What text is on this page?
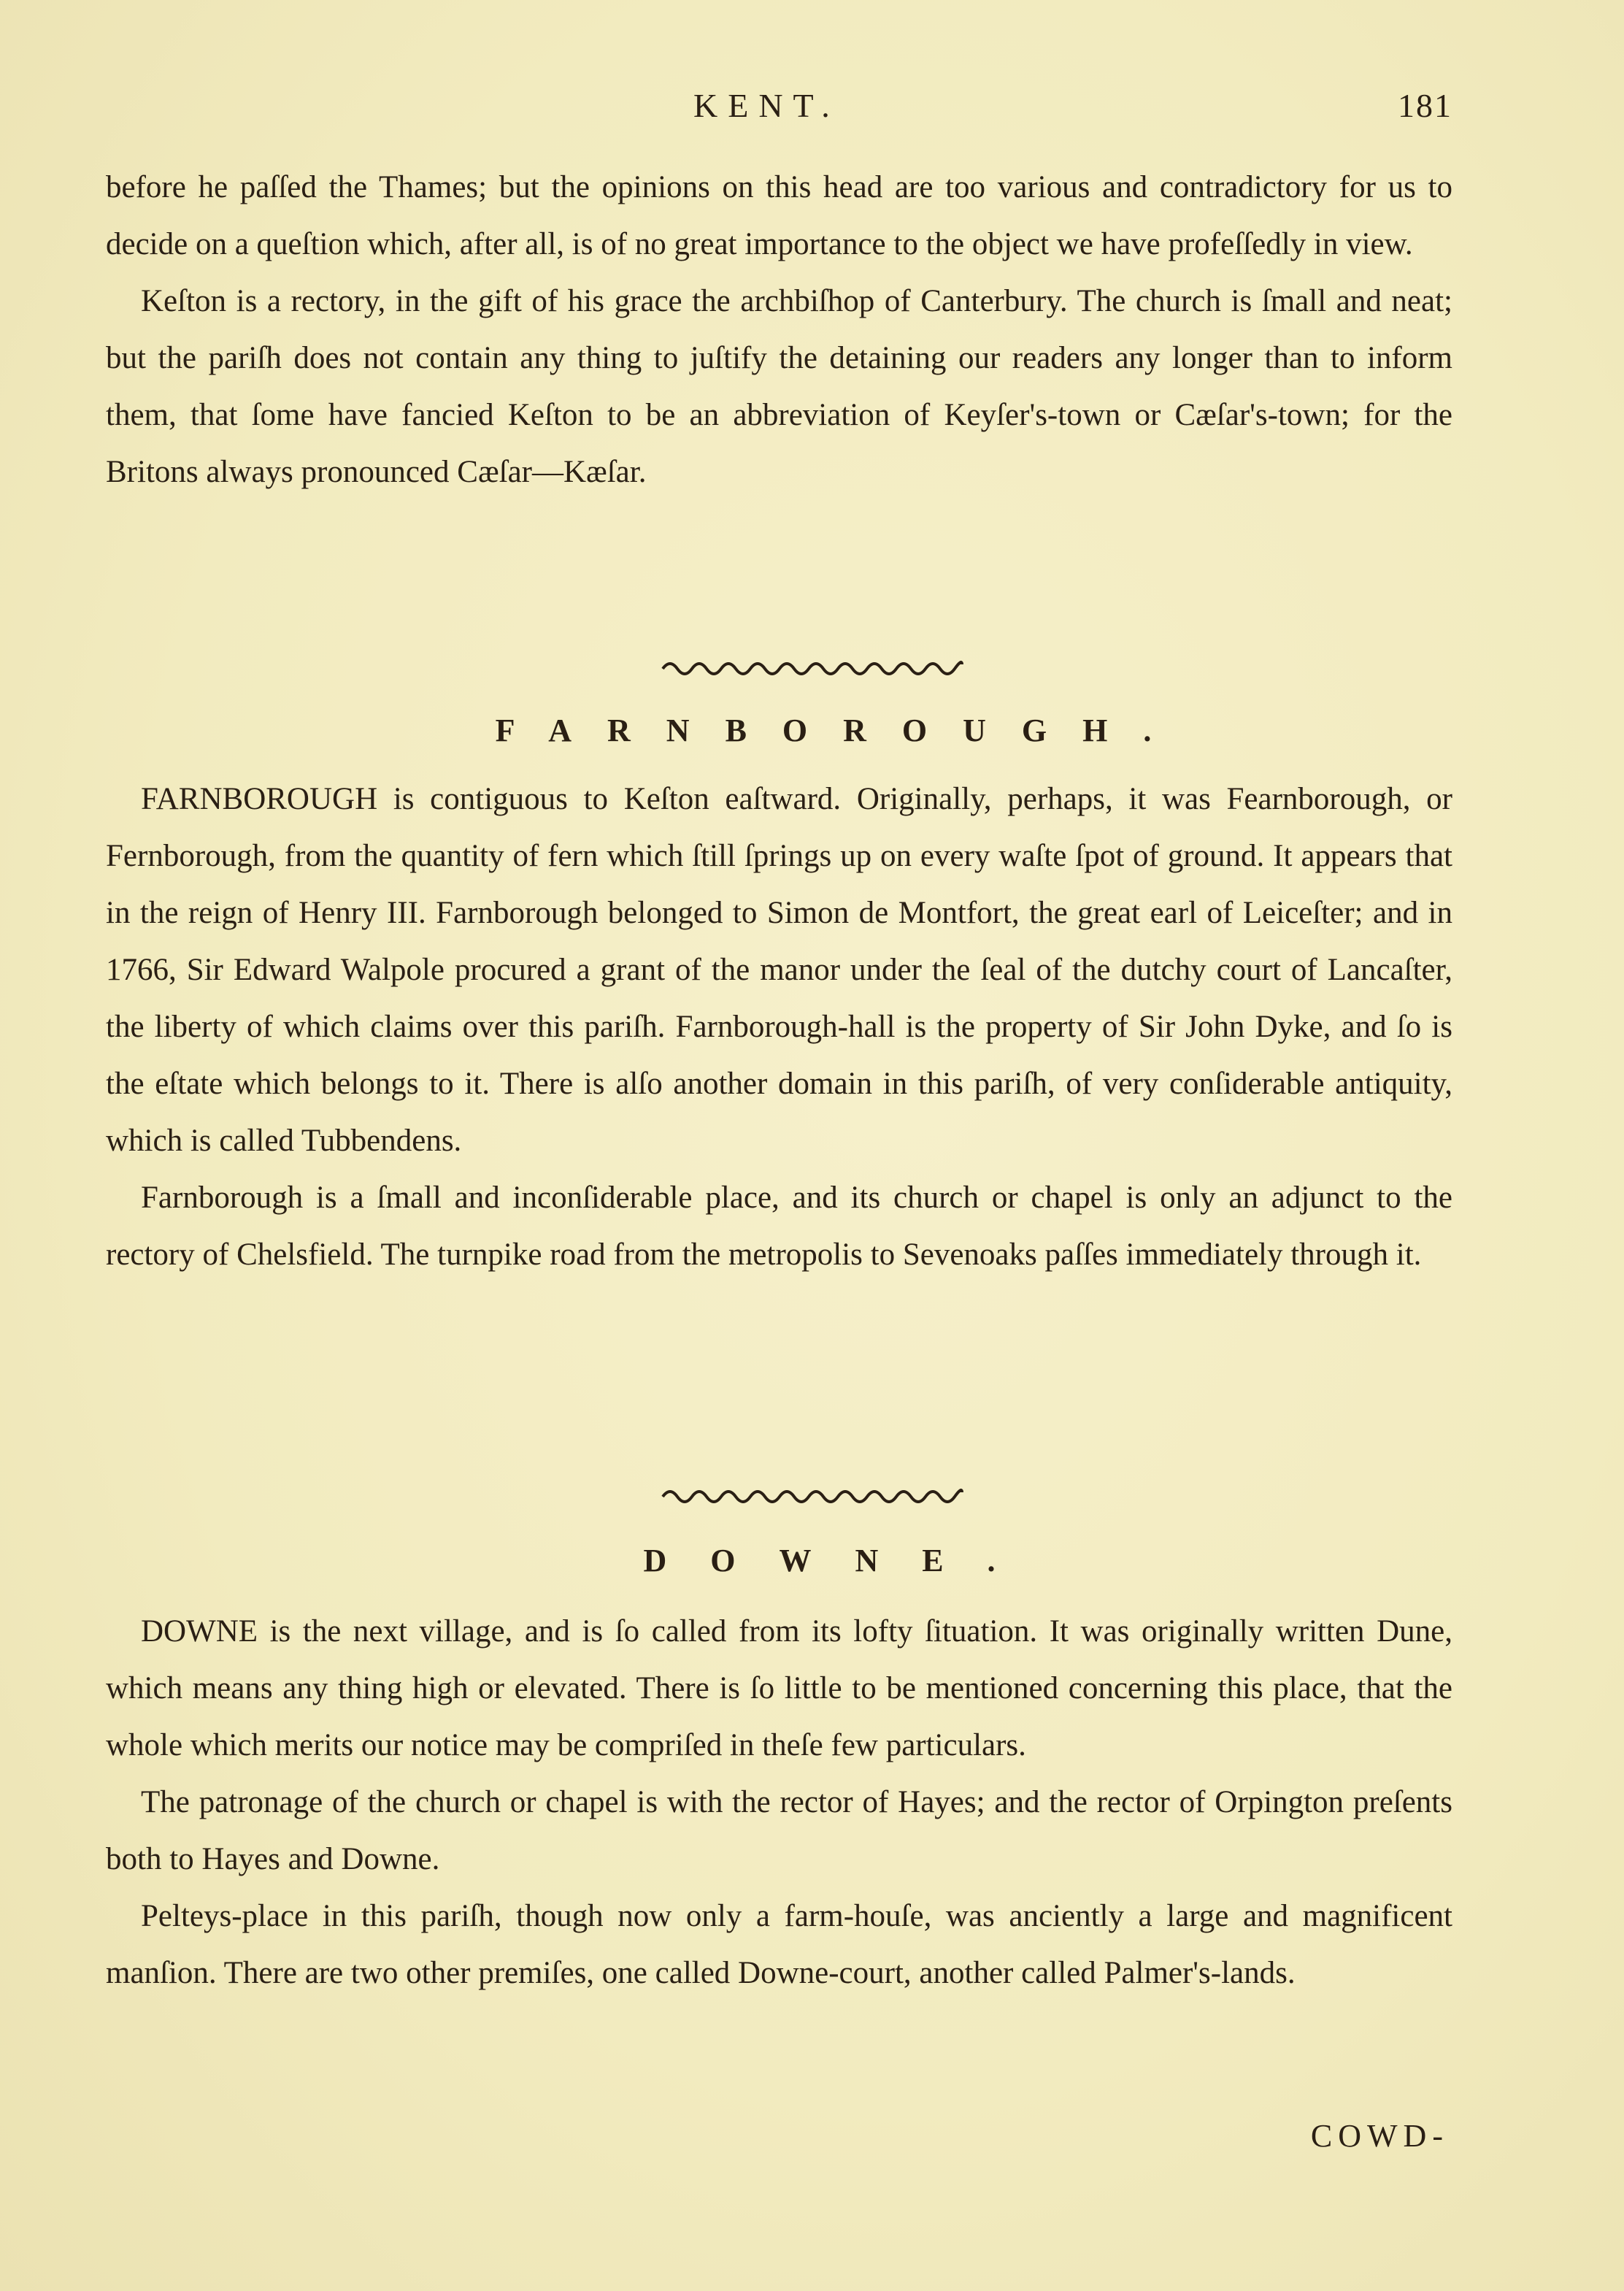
KENT.	181

before he paſſed the Thames; but the opinions on this head are too various and contradictory for us to decide on a queſtion which, after all, is of no great importance to the object we have profeſſedly in view.

Keſton is a rectory, in the gift of his grace the archbiſhop of Canterbury. The church is ſmall and neat; but the pariſh does not contain any thing to juſtify the detaining our readers any longer than to inform them, that ſome have fancied Keſton to be an abbreviation of Keyſer's-town or Cæſar's-town; for the Britons always pronounced Cæſar—Kæſar.

FARNBOROUGH.

FARNBOROUGH is contiguous to Keſton eaſtward. Originally, perhaps, it was Fearnborough, or Fernborough, from the quantity of fern which ſtill ſprings up on every waſte ſpot of ground. It appears that in the reign of Henry III. Farnborough belonged to Simon de Montfort, the great earl of Leiceſter; and in 1766, Sir Edward Walpole procured a grant of the manor under the ſeal of the dutchy court of Lancaſter, the liberty of which claims over this pariſh. Farnborough-hall is the property of Sir John Dyke, and ſo is the eſtate which belongs to it. There is alſo another domain in this pariſh, of very conſiderable antiquity, which is called Tubbendens.

Farnborough is a ſmall and inconſiderable place, and its church or chapel is only an adjunct to the rectory of Chelsfield. The turnpike road from the metropolis to Sevenoaks paſſes immediately through it.

DOWNE.

DOWNE is the next village, and is ſo called from its lofty ſituation. It was originally written Dune, which means any thing high or elevated. There is ſo little to be mentioned concerning this place, that the whole which merits our notice may be compriſed in theſe few particulars.

The patronage of the church or chapel is with the rector of Hayes; and the rector of Orpington preſents both to Hayes and Downe.

Pelteys-place in this pariſh, though now only a farm-houſe, was anciently a large and magnificent manſion. There are two other premiſes, one called Downe-court, another called Palmer's-lands.

COWD-
